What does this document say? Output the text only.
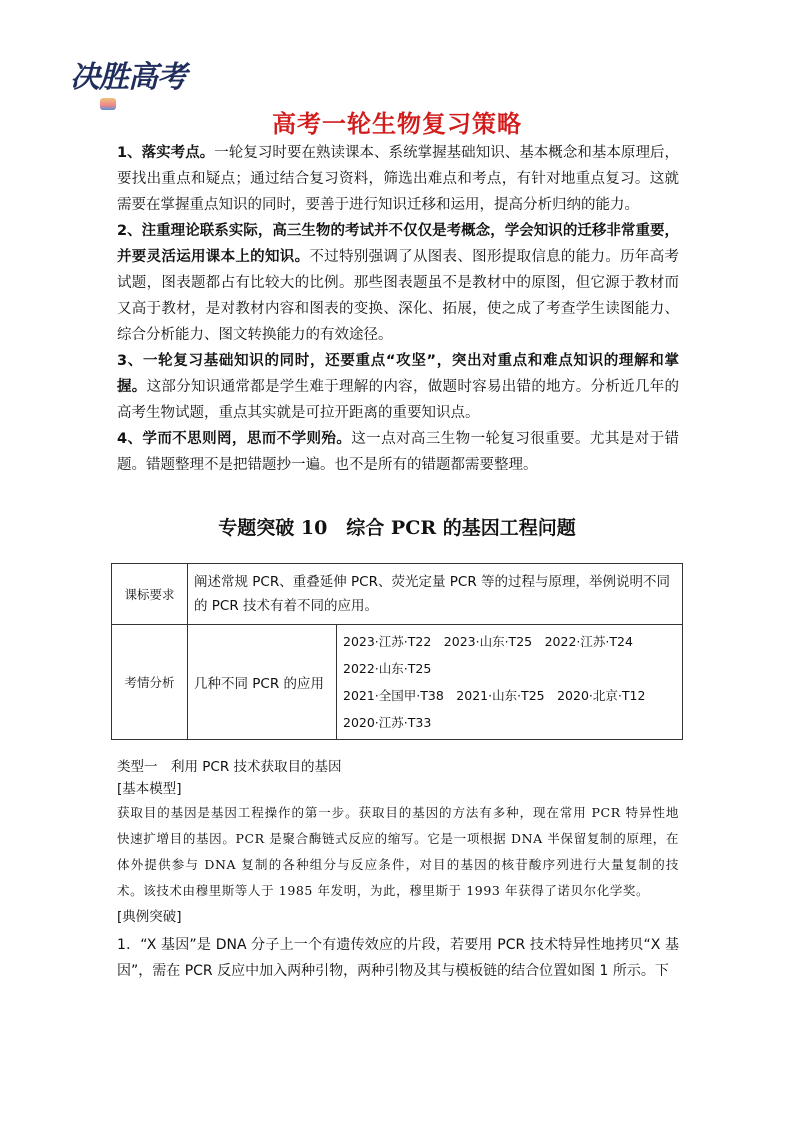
决胜高考
高考一轮生物复习策略

1、落实考点。一轮复习时要在熟读课本、系统掌握基础知识、基本概念和基本原理后，要找出重点和疑点；通过结合复习资料，筛选出难点和考点，有针对地重点复习。这就需要在掌握重点知识的同时，要善于进行知识迁移和运用，提高分析归纳的能力。

2、注重理论联系实际，高三生物的考试并不仅仅是考概念，学会知识的迁移非常重要，并要灵活运用课本上的知识。不过特别强调了从图表、图形提取信息的能力。历年高考试题，图表题都占有比较大的比例。那些图表题虽不是教材中的原图，但它源于教材而又高于教材，是对教材内容和图表的变换、深化、拓展，使之成了考查学生读图能力、综合分析能力、图文转换能力的有效途径。

3、一轮复习基础知识的同时，还要重点“攻坚”，突出对重点和难点知识的理解和掌握。这部分知识通常都是学生难于理解的内容，做题时容易出错的地方。分析近几年的高考生物试题，重点其实就是可拉开距离的重要知识点。

4、学而不思则罔，思而不学则殆。这一点对高三生物一轮复习很重要。尤其是对于错题。错题整理不是把错题抄一遍。也不是所有的错题都需要整理。

专题突破 10　综合 PCR 的基因工程问题
课标要求	阐述常规 PCR、重叠延伸 PCR、荧光定量 PCR 等的过程与原理，举例说明不同的 PCR 技术有着不同的应用。	
考情分析	几种不同 PCR 的应用	2023·江苏·T22　2023·山东·T25　2022·江苏·T24
2022·山东·T25
2021·全国甲·T38　2021·山东·T25　2020·北京·T12
2020·江苏·T33

类型一　利用 PCR 技术获取目的基因

[基本模型]

获取目的基因是基因工程操作的第一步。获取目的基因的方法有多种，现在常用 PCR 特异性地快速扩增目的基因。PCR 是聚合酶链式反应的缩写。它是一项根据 DNA 半保留复制的原理，在体外提供参与 DNA 复制的各种组分与反应条件，对目的基因的核苷酸序列进行大量复制的技术。该技术由穆里斯等人于 1985 年发明，为此，穆里斯于 1993 年获得了诺贝尔化学奖。

[典例突破]

1．“X 基因”是 DNA 分子上一个有遗传效应的片段，若要用 PCR 技术特异性地拷贝“X 基因”，需在 PCR 反应中加入两种引物，两种引物及其与模板链的结合位置如图 1 所示。下
